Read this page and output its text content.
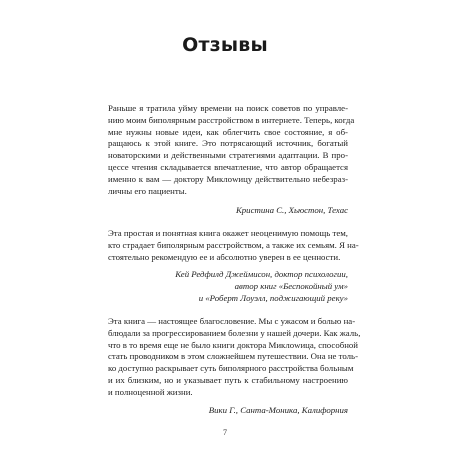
Отзывы
Раньше я тратила уйму времени на поиск советов по управле-
нию моим биполярным расстройством в интернете. Теперь, когда
мне нужны новые идеи, как облегчить свое состояние, я об-
ращаюсь к этой книге. Это потрясающий источник, богатый
новаторскими и действенными стратегиями адаптации. В про-
цессе чтения складывается впечатление, что автор обращается
именно к вам — доктору Миклowицу действительно небезраз-
личны его пациенты.
Кристина С., Хьюстон, Техас
Эта простая и понятная книга окажет неоценимую помощь тем,
кто страдает биполярным расстройством, а также их семьям. Я на-
стоятельно рекомендую ее и абсолютно уверен в ее ценности.
Кей Редфилд Джеймисон, доктор психологии,
автор книг «Беспокойный ум»
и «Роберт Лоуэлл, поджигающий реку»
Эта книга — настоящее благословение. Мы с ужасом и болью на-
блюдали за прогрессированием болезни у нашей дочери. Как жаль,
что в то время еще не было книги доктора Миклowица, способной
стать проводником в этом сложнейшем путешествии. Она не толь-
ко доступно раскрывает суть биполярного расстройства больным
и их близким, но и указывает путь к стабильному настроению
и полноценной жизни.
Вики Г., Санта-Моника, Калифорния
7
